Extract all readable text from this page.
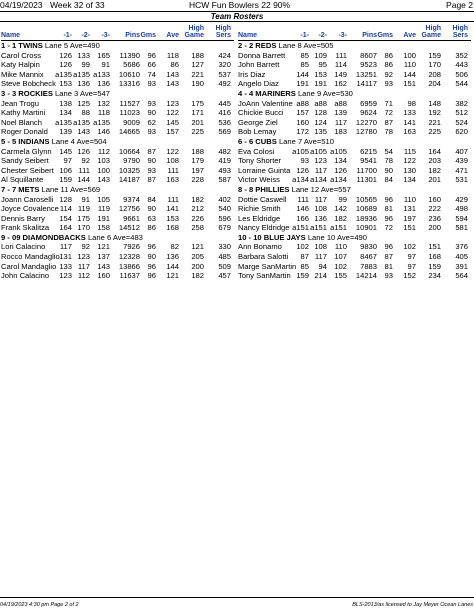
04/19/2023 Week 32 of 33	HCW Fun Bowlers 22 90%	Page 2
Team Rosters
Name	-1- -2- -3- Pins Gms Ave
High
Game
High
Sers
1 - 1 TWINS Lane 5 Ave=490
Carol Cross 126 133 165 11390 96 118 188 424
Katy Halpin	126 99 91 5686 66 86 127 320
Mike Mannix a135 a135 a133 10610 74 143 221 537
Steve Bobcheck 153 136 136 13316 93 143 190 492
3 - 3 ROCKIES Lane 3 Ave=547
Jean Trogu	138 125 132 11527 93 123 175 445
Kathy Martini 134 88 118 11023 90 122 171 416
Noel Blanch a135 a135 a135 9009 62 145 201 536
Roger Donald 139 143 146 14665 93 157 225 569
5 - 5 INDIANS Lane 4 Ave=504
Carmela Glynn 145 126 112 10664 87 122 188 482
Sandy Seibert 97 92 103 9790 90 108 179 419
Chester Seibert 106 111 100 10325 93 111 197 493
Al Squillante 159 144 143 14187 87 163 228 587
7 - 7 METS Lane 11 Ave=569
Joann Caroselli 128 91 105 9374 84 111 182 402
Joyce Covalence 114 119 119 12756 90 141 212 540
Dennis Barry 154 175 191 9661 63 153 226 596
Frank Skalitza 164 170 158 14512 86 168 258 679
9 - 09 DIAMONDBACKS Lane 6 Ave=483
Lori Calacino 117 92 121 7926 96 82 121 330
Rocco Mandaglio 131 123 137 12328 90 136 205 485
Carol Mandaglio 133 117 143 13866 96 144 200 509
John Calacino 123 112 160 11637 96 121 182 457
Name	-1- -2- -3- Pins Gms Ave
High
Game
High
Sers
2 - 2 REDS Lane 8 Ave=505
Donna Barrett 85 109 111 8607 86 100 159 352
John Barrett	85 95 114 9523 86 110 170 443
Iris Diaz	144 153 149 13251 92 144 208 506
Angelo Diaz 191 191 162 14117 93 151 204 544
4 - 4 MARINERS Lane 9 Ave=530
JoAnn Valentine a88 a88 a88 6959 71 98 148 382
Chickie Bucci 157 128 139 9624 72 133 192 512
George Ziel 160 124 117 12270 87 141 221 524
Bob Lemay	172 135 183 12780 78 163 225 620
6 - 6 CUBS Lane 7 Ave=510
Eva Colosi a105 a105 a105 6215 54 115 164 407
Tony Shorter	93 123 134 9541 78 122 203 439
Lorraine Guinta 126 117 126 11700 90 130 182 471
Victor Weiss a134 a134 a134 11301 84 134 201 531
8 - 8 PHILLIES Lane 12 Ave=557
Dottie Caswell 111 117 99 10565 96 110 160 429
Richie Smith 146 108 142 10689 81 131 222 498
Les Eldridge 166 136 182 18936 96 197 236 594
Nancy Eldridge a151 a151 a151 10901 72 151 200 581
10 - 10 BLUE JAYS Lane 10 Ave=490
Ann Bonamo 102 108 110 9830 96 102 151 376
Barbara Salotti 87 117 107 8467 87 97 168 405
Marge SanMartin 85 94 102 7883 81 97 159 391
Tony SanMartin 159 214 155 14214 93 152 234 564
04/19/2023 4:30 pm Page 2 of 2	BLS-2013/as licensed to Jay Meyer Ocean Lanes
